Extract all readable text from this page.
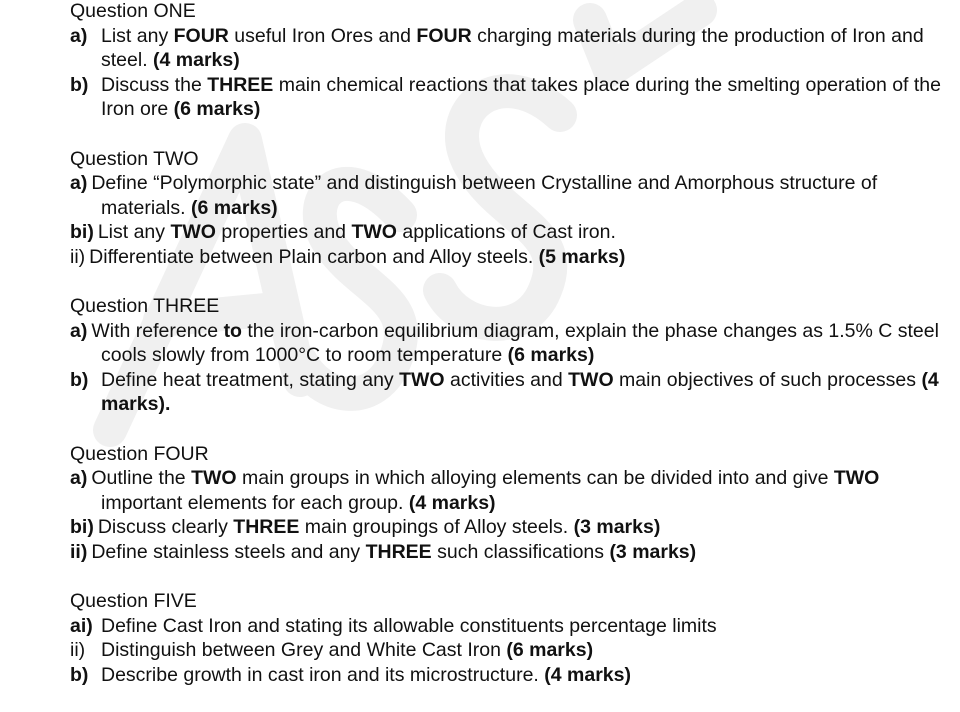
Question ONE
a) List any FOUR useful Iron Ores and FOUR charging materials during the production of Iron and steel. (4 marks)
b) Discuss the THREE main chemical reactions that takes place during the smelting operation of the Iron ore (6 marks)
Question TWO
a) Define “Polymorphic state” and distinguish between Crystalline and Amorphous structure of materials. (6 marks)
bi) List any TWO properties and TWO applications of Cast iron.
ii) Differentiate between Plain carbon and Alloy steels. (5 marks)
Question THREE
a) With reference to the iron-carbon equilibrium diagram, explain the phase changes as 1.5% C steel cools slowly from 1000°C to room temperature (6 marks)
b) Define heat treatment, stating any TWO activities and TWO main objectives of such processes (4 marks).
Question FOUR
a) Outline the TWO main groups in which alloying elements can be divided into and give TWO important elements for each group. (4 marks)
bi) Discuss clearly THREE main groupings of Alloy steels. (3 marks)
ii) Define stainless steels and any THREE such classifications (3 marks)
Question FIVE
ai) Define Cast Iron and stating its allowable constituents percentage limits
ii) Distinguish between Grey and White Cast Iron (6 marks)
b) Describe growth in cast iron and its microstructure. (4 marks)
